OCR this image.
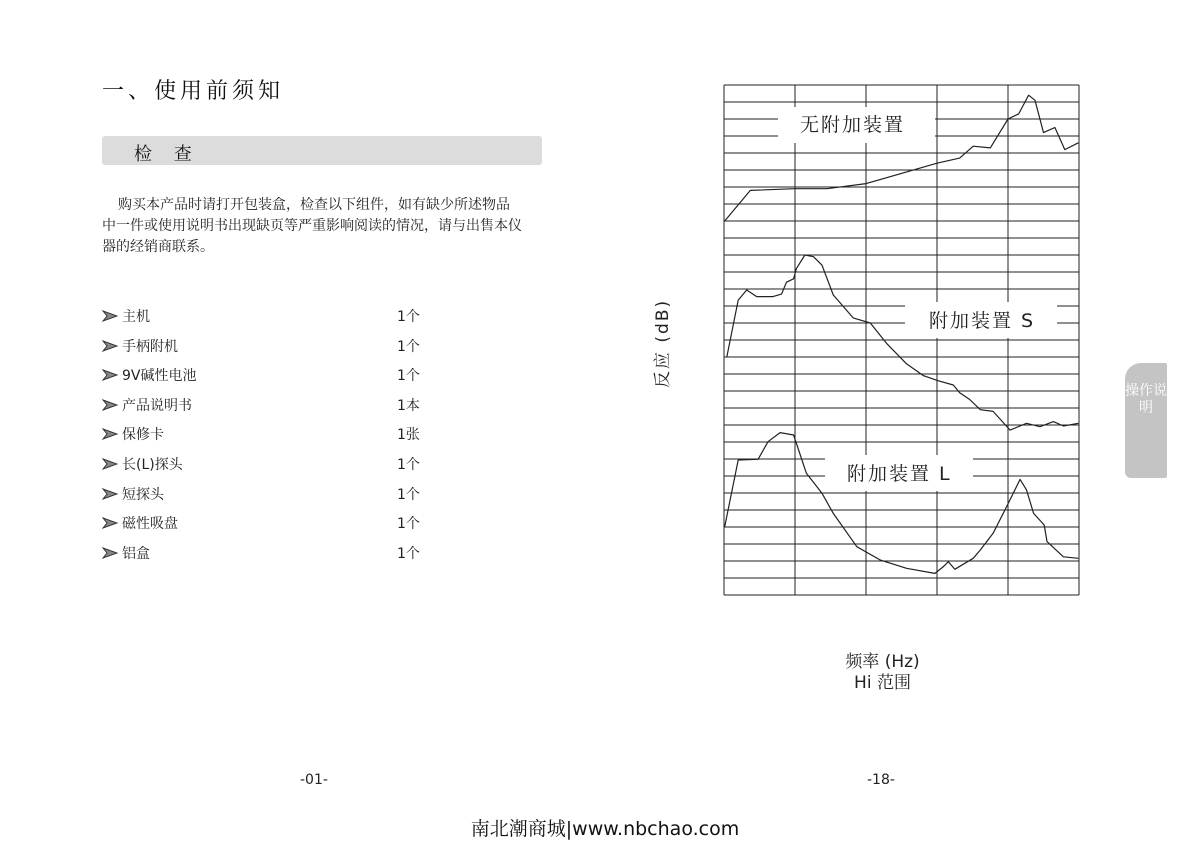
一、使用前须知
检 查

购买本产品时请打开包装盒，检查以下组件，如有缺少所述物品中一件或使用说明书出现缺页等严重影响阅读的情况，请与出售本仪器的经销商联系。

主机	1个
手柄附机	1个
9V碱性电池	1个
产品说明书	1本
保修卡	1张
长(L)探头	1个
短探头	1个
磁性吸盘	1个
铝盒	1个
-01-	-18-
反应 (dB)
频率 (Hz)
Hi 范围
无附加装置
附加装置 S
附加装置 L
操作说明
南北潮商城|www.nbchao.com
